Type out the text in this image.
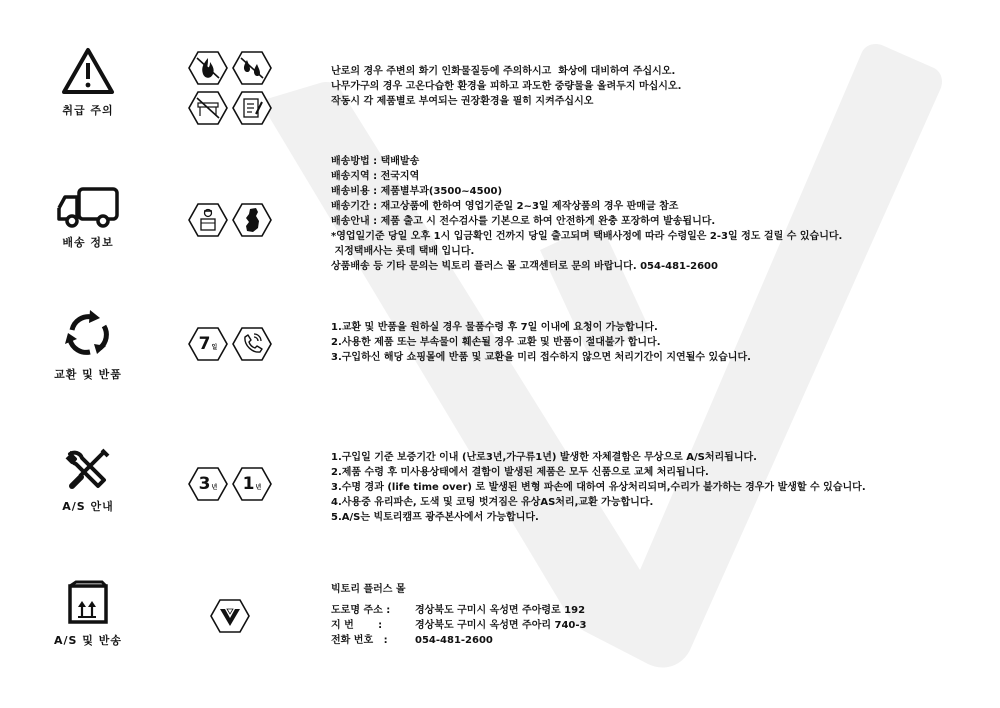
취급 주의
난로의 경우 주변의 화기 인화물질등에 주의하시고  화상에 대비하여 주십시오.
나무가구의 경우 고온다습한 환경을 피하고 과도한 중량물을 올려두지 마십시오.
작동시 각 제품별로 부여되는 권장환경을 필히 지켜주십시오
배송 정보
배송방법 : 택배발송
배송지역 : 전국지역
배송비용 : 제품별부과(3500~4500)
배송기간 : 재고상품에 한하여 영업기준일 2~3일 제작상품의 경우 판매글 참조
배송안내 : 제품 출고 시 전수검사를 기본으로 하여 안전하게 완충 포장하여 발송됩니다.
*영업일기준 당일 오후 1시 입금확인 건까지 당일 출고되며 택배사정에 따라 수령일은 2-3일 정도 걸릴 수 있습니다.
지정택배사는 롯데 택배 입니다.
상품배송 등 기타 문의는 빅토리 플러스 몰 고객센터로 문의 바랍니다. 054-481-2600
교환 및 반품
7 일
1.교환 및 반품을 원하실 경우 물품수령 후 7일 이내에 요청이 가능합니다.
2.사용한 제품 또는 부속물이 훼손될 경우 교환 및 반품이 절대불가 합니다.
3.구입하신 해당 쇼핑몰에 반품 및 교환을 미리 접수하지 않으면 처리기간이 지연될수 있습니다.
A/S 안내
3 년 1 년
1.구입일 기준 보증기간 이내 (난로3년,가구류1년) 발생한 자체결함은 무상으로 A/S처리됩니다.
2.제품 수령 후 미사용상태에서 결함이 발생된 제품은 모두 신품으로 교체 처리됩니다.
3.수명 경과 (life time over) 로 발생된 변형 파손에 대하여 유상처리되며,수리가 불가하는 경우가 발생할 수 있습니다.
4.사용중 유리파손, 도색 및 코팅 벗겨짐은 유상AS처리,교환 가능합니다.
5.A/S는 빅토리캠프 광주본사에서 가능합니다.
A/S 및 반송
빅토리 플러스 몰
도로명 주소 :	경상북도 구미시 옥성면 주아령로 192
지 번       :	경상북도 구미시 옥성면 주아리 740-3
전화 번호   :	054-481-2600
